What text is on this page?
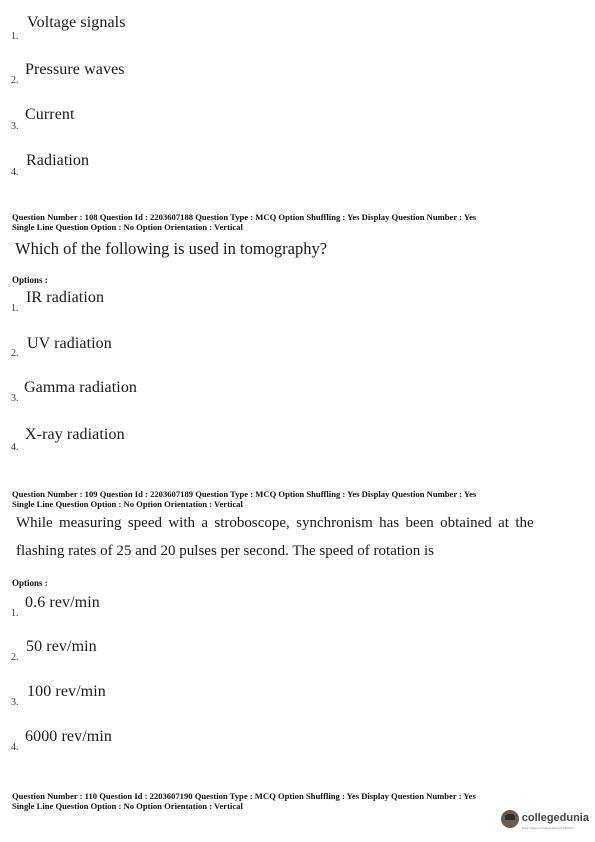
1.
Voltage signals
2.
Pressure waves
3.
Current
4.
Radiation
Question Number : 108 Question Id : 2203607188 Question Type : MCQ Option Shuffling : Yes Display Question Number : Yes
Single Line Question Option : No Option Orientation : Vertical
Which of the following is used in tomography?
Options :
1.
IR radiation
2.
UV radiation
3.
Gamma radiation
4.
X-ray radiation
Question Number : 109 Question Id : 2203607189 Question Type : MCQ Option Shuffling : Yes Display Question Number : Yes
Single Line Question Option : No Option Orientation : Vertical
While measuring speed with a stroboscope, synchronism has been obtained at the
flashing rates of 25 and 20 pulses per second. The speed of rotation is
Options :
1.
0.6 rev/min
2.
50 rev/min
3.
100 rev/min
4.
6000 rev/min
Question Number : 110 Question Id : 2203607190 Question Type : MCQ Option Shuffling : Yes Display Question Number : Yes
Single Line Question Option : No Option Orientation : Vertical
collegedunia
India's largest Student Review Platform
